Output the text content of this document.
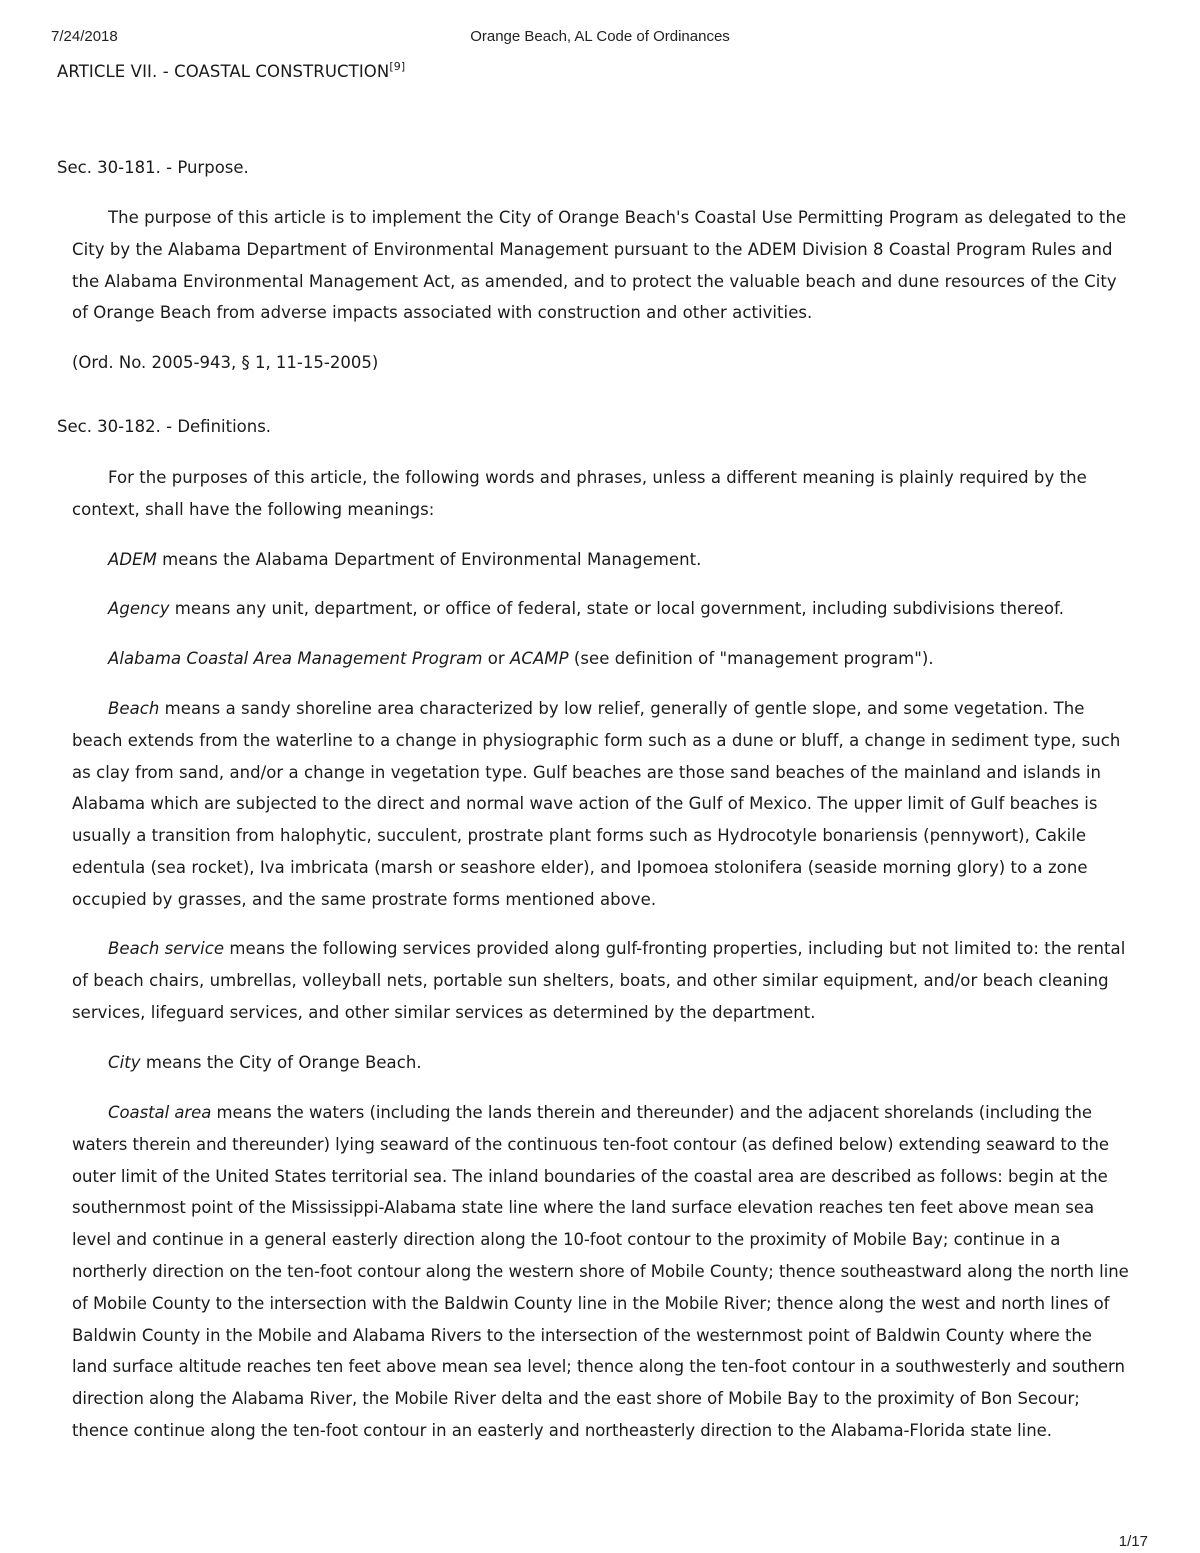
7/24/2018	Orange Beach, AL Code of Ordinances
ARTICLE VII. - COASTAL CONSTRUCTION[9]
Sec. 30-181. - Purpose.

The purpose of this article is to implement the City of Orange Beach's Coastal Use Permitting Program as delegated to the City by the Alabama Department of Environmental Management pursuant to the ADEM Division 8 Coastal Program Rules and the Alabama Environmental Management Act, as amended, and to protect the valuable beach and dune resources of the City of Orange Beach from adverse impacts associated with construction and other activities.

(Ord. No. 2005-943, § 1, 11-15-2005)
Sec. 30-182. - Definitions.

For the purposes of this article, the following words and phrases, unless a different meaning is plainly required by the context, shall have the following meanings:

ADEM means the Alabama Department of Environmental Management.

Agency means any unit, department, or office of federal, state or local government, including subdivisions thereof.

Alabama Coastal Area Management Program or ACAMP (see definition of "management program").

Beach means a sandy shoreline area characterized by low relief, generally of gentle slope, and some vegetation. The beach extends from the waterline to a change in physiographic form such as a dune or bluff, a change in sediment type, such as clay from sand, and/or a change in vegetation type. Gulf beaches are those sand beaches of the mainland and islands in Alabama which are subjected to the direct and normal wave action of the Gulf of Mexico. The upper limit of Gulf beaches is usually a transition from halophytic, succulent, prostrate plant forms such as Hydrocotyle bonariensis (pennywort), Cakile edentula (sea rocket), Iva imbricata (marsh or seashore elder), and Ipomoea stolonifera (seaside morning glory) to a zone occupied by grasses, and the same prostrate forms mentioned above.

Beach service means the following services provided along gulf-fronting properties, including but not limited to: the rental of beach chairs, umbrellas, volleyball nets, portable sun shelters, boats, and other similar equipment, and/or beach cleaning services, lifeguard services, and other similar services as determined by the department.

City means the City of Orange Beach.

Coastal area means the waters (including the lands therein and thereunder) and the adjacent shorelands (including the waters therein and thereunder) lying seaward of the continuous ten-foot contour (as defined below) extending seaward to the outer limit of the United States territorial sea. The inland boundaries of the coastal area are described as follows: begin at the southernmost point of the Mississippi-Alabama state line where the land surface elevation reaches ten feet above mean sea level and continue in a general easterly direction along the 10-foot contour to the proximity of Mobile Bay; continue in a northerly direction on the ten-foot contour along the western shore of Mobile County; thence southeastward along the north line of Mobile County to the intersection with the Baldwin County line in the Mobile River; thence along the west and north lines of Baldwin County in the Mobile and Alabama Rivers to the intersection of the westernmost point of Baldwin County where the land surface altitude reaches ten feet above mean sea level; thence along the ten-foot contour in a southwesterly and southern direction along the Alabama River, the Mobile River delta and the east shore of Mobile Bay to the proximity of Bon Secour; thence continue along the ten-foot contour in an easterly and northeasterly direction to the Alabama-Florida state line.

1/17
